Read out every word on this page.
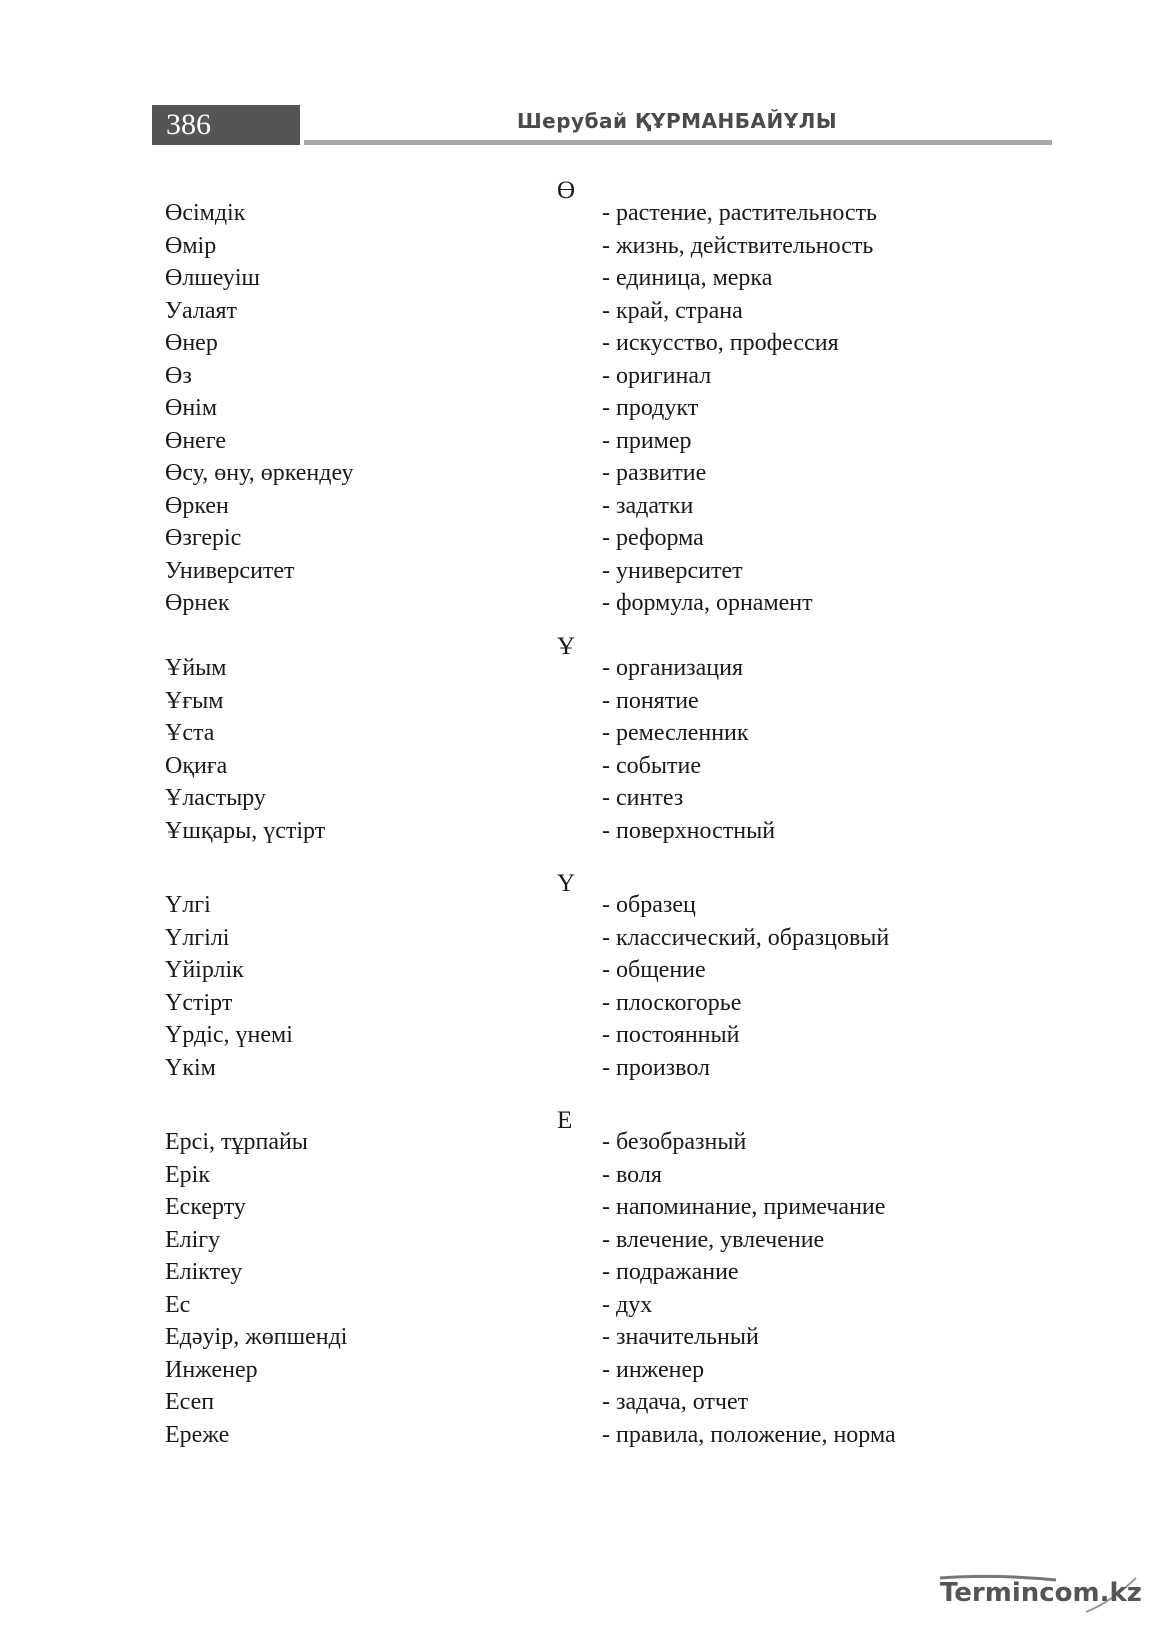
386	Шерубай ҚҰРМАНБАЙҰЛЫ
Ө
Өсімдік	- растение, растительность
Өмір	- жизнь, действительность
Өлшеуіш	- единица, мерка
Уалаят	- край, страна
Өнер	- искусство, профессия
Өз	- оригинал
Өнім	- продукт
Өнеге	- пример
Өсу, өну, өркендеу	- развитие
Өркен	- задатки
Өзгеріс	- реформа
Университет	- университет
Өрнек	- формула, орнамент
Ұ
Ұйым	- организация
Ұғым	- понятие
Ұста	- ремесленник
Оқиға	- событие
Ұластыру	- синтез
Ұшқары, үстірт	- поверхностный
Ү
Үлгі	- образец
Үлгілі	- классический, образцовый
Үйірлік	- общение
Үстірт	- плоскогорье
Үрдіс, үнемі	- постоянный
Үкім	- произвол
Е
Ерсі, тұрпайы	- безобразный
Ерік	- воля
Ескерту	- напоминание, примечание
Елігу	- влечение, увлечение
Еліктеу	- подражание
Ес	- дух
Едәуір, жөпшенді	- значительный
Инженер	- инженер
Есеп	- задача, отчет
Ереже	- правила, положение, норма
Termincom.kz
